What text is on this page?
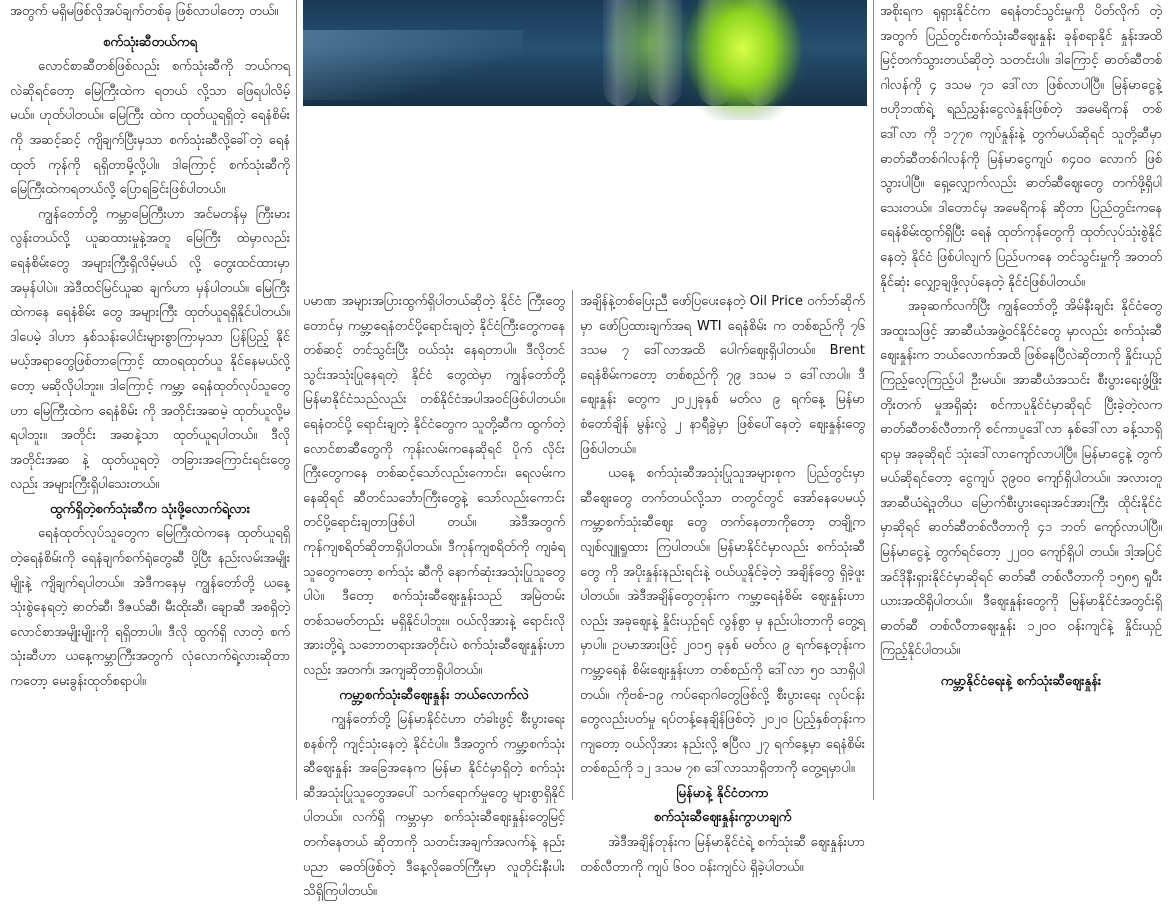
အတွက် မရှိမဖြစ်လိုအပ်ချက်တစ်ခု ဖြစ်လာပါတော့ တယ်။

စက်သုံးဆီတယ်ကရ

လောင်စာဆီတစ်ဖြစ်လည်း စက်သုံးဆီကို ဘယ်ကရလဲဆိုရင်တော့ မြေကြီးထဲက ရတယ် လို့သာ ဖြေရပါလိမ့်မယ်။ ဟုတ်ပါတယ်။ မြေကြီး ထဲက ထုတ်ယူရရှိတဲ့ ရေနံစိမ်းကို အဆင့်ဆင့် ကျိချက်ပြီးမှသာ စက်သုံးဆီလို့ခေါ်တဲ့ ရေနံထုတ် ကုန်ကို ရရှိတာမို့လို့ပါ။ ဒါကြောင့် စက်သုံးဆီကို မြေကြီးထဲကရတယ်လို့ ပြောရခြင်းဖြစ်ပါတယ်။

ကျွန်တော်တို့ ကမ္ဘာမြေကြီးဟာ အင်မတန်မှ ကြီးမားလွန်းတယ်လို့ ယူဆထားမှုနဲ့အတူ မြေကြီး ထဲမှာလည်း ရေနံစိမ်းတွေ အများကြီးရှိလိမ့်မယ် လို့ တွေးထင်ထားမှာ အမှန်ပါပဲ။ အဲဒီထင်မြင်ယူဆ ချက်ဟာ မှန်ပါတယ်။ မြေကြီးထဲကနေ ရေနံစိမ်း တွေ အများကြီး ထုတ်ယူရရှိနိုင်ပါတယ်။ ဒါပေမဲ့ ဒါဟာ နှစ်သန်းပေါင်းများစွာကြာမှသာ ပြန်ပြည့် နိုင်မယ့်အရာတွေဖြစ်တာကြောင့် ထာဝရထုတ်ယူ နိုင်နေမယ်လို့တော့ မဆိုလိုပါဘူး။ ဒါကြောင့် ကမ္ဘာ့ ရေနံထုတ်လုပ်သူတွေဟာ မြေကြီးထဲက ရေနံစိမ်း ကို အတိုင်းအဆမဲ့ ထုတ်ယူလို့မရပါဘူး။ အတိုင်း အဆနဲ့သာ ထုတ်ယူရပါတယ်။ ဒီလို အတိုင်းအဆ နဲ့ ထုတ်ယူရတဲ့ တခြားအကြောင်းရင်းတွေလည်း အများကြီးရှိပါသေးတယ်။

ထွက်ရှိတဲ့စက်သုံးဆီက သုံးဖို့လောက်ရဲ့လား

ရေနံထုတ်လုပ်သူတွေက မြေကြီးထဲကနေ ထုတ်ယူရရှိတဲ့ရေနံစိမ်းကို ရေနံချက်စက်ရုံတွေဆီ ပို့ပြီး နည်းလမ်းအမျိုးမျိုးနဲ့ ကျိချက်ရပါတယ်။ အဲဒီကနေမှ ကျွန်တော်တို့ ယနေ့ သုံးစွဲနေရတဲ့ ဓာတ်ဆီ၊ ဒီဇယ်ဆီ၊ မီးထိုးဆီ၊ ချောဆီ အစရှိတဲ့ လောင်စာအမျိုးမျိုးကို ရရှိတာပါ။ ဒီလို ထွက်ရှိ လာတဲ့ စက်သုံးဆီဟာ ယနေ့ကမ္ဘာကြီးအတွက် လုံလောက်ရဲ့လားဆိုတာကတော့ မေးခွန်းထုတ်စရာပါ။

ပမာဏ အများအပြားထွက်ရှိပါတယ်ဆိုတဲ့ နိုင်ငံ ကြီးတွေတောင်မှ ကမ္ဘာ့ရေနံတင်ပို့ရောင်းချတဲ့ နိုင်ငံကြီးတွေကနေတစ်ဆင့် တင်သွင်းပြီး ဝယ်သုံး နေရတာပါ။ ဒီလိုတင်သွင်းအသုံးပြုနေရတဲ့ နိုင်ငံ တွေထဲမှာ ကျွန်တော်တို့ မြန်မာနိုင်ငံသည်လည်း တစ်နိုင်ငံအပါအဝင်ဖြစ်ပါတယ်။ ရေနံတင်ပို့ ရောင်းချတဲ့ နိုင်ငံတွေက သူတို့ဆီက ထွက်တဲ့ လောင်စာဆီတွေကို ကုန်းလမ်းကနေဆိုရင် ပိုက် လိုင်းကြီးတွေကနေ တစ်ဆင့်သော်လည်းကောင်း၊ ရေလမ်းကနေဆိုရင် ဆီတင်သင်္ဘောကြီးတွေနဲ့ သော်လည်းကောင်း တင်ပို့ရောင်းချတာဖြစ်ပါ တယ်။ အဲဒီအတွက် ကုန်ကျစရိတ်ဆိုတာရှိပါတယ်။ ဒီကုန်ကျစရိတ်ကို ကျခံရသူတွေကတော့ စက်သုံး ဆီကို နောက်ဆုံးအသုံးပြုသူတွေပါပဲ။ ဒီတော့ စက်သုံးဆီဈေးနှုန်းသည် အမြဲတမ်းတစ်သမတ်တည်း မရှိနိုင်ပါဘူး။ ဝယ်လိုအားနဲ့ ရောင်းလိုအားတို့ရဲ့ သဘောတရားအတိုင်းပဲ စက်သုံးဆီဈေးနှုန်းဟာ လည်း အတက်၊ အကျဆိုတာရှိပါတယ်။

ကမ္ဘာ့စက်သုံးဆီဈေးနှုန်း ဘယ်လောက်လဲ

ကျွန်တော်တို့ မြန်မာနိုင်ငံဟာ တံခါးဖွင့် စီးပွားရေးစနစ်ကို ကျင့်သုံးနေတဲ့ နိုင်ငံပါ။ ဒီအတွက် ကမ္ဘာ့စက်သုံးဆီဈေးနှုန်း အခြေအနေက မြန်မာ နိုင်ငံမှာရှိတဲ့ စက်သုံးဆီအသုံးပြုသူတွေအပေါ် သက်ရောက်မှုတွေ များစွာရှိနိုင်ပါတယ်။ လက်ရှိ ကမ္ဘာမှာ စက်သုံးဆီဈေးနှုန်းတွေမြင့်တက်နေတယ် ဆိုတာကို သတင်းအချက်အလက်နဲ့ နည်းပညာ ခေတ်ဖြစ်တဲ့ ဒီနေ့လိုခေတ်ကြီးမှာ လူတိုင်းနီးပါး သိရှိကြပါတယ်။

အချိန်နဲ့တစ်ပြေးညီ ဖော်ပြပေးနေတဲ့ Oil Price ဝက်ဘ်ဆိုက်မှာ ဖော်ပြထားချက်အရ WTI ရေနံစိမ်း က တစ်စည်ကို ၇၆ ဒသမ ၇ ဒေါ်လာအထိ ပေါက်ဈေးရှိပါတယ်။ Brent ရေနံစိမ်းကတော့ တစ်စည်ကို ၇၉ ဒသမ ၁ ဒေါ်လာပါ။ ဒီဈေးနှုန်း တွေက ၂၀၂၂ခုနှစ် မတ်လ ၉ ရက်နေ့ မြန်မာစံတော်ချိန် မွန်းလွဲ ၂ နာရီခွဲမှာ ဖြစ်ပေါ်နေတဲ့ ဈေးနှုန်းတွေ ဖြစ်ပါတယ်။

ယနေ့ စက်သုံးဆီအသုံးပြုသူအများစုက ပြည်တွင်းမှာ ဆီဈေးတွေ တက်တယ်လို့သာ တတွင်တွင် အော်နေပေမယ့် ကမ္ဘာ့စက်သုံးဆီဈေး တွေ တက်နေတာကိုတော့ တချို့က လျစ်လျူရှုထား ကြပါတယ်။ မြန်မာနိုင်ငံမှာလည်း စက်သုံးဆီတွေ ကို အပိုးနှုန်းနည်းရင်းနဲ့ ဝယ်ယူနိုင်ခဲ့တဲ့ အချိန်တွေ ရှိခဲ့ဖူးပါတယ်။ အဲဒီအချိန်တွေတုန်းက ကမ္ဘာ့ရေနံစိမ်း ဈေးနှုန်းဟာလည်း အခုဈေးနဲ့ နှိုင်းယှဉ်ရင် လွန်စွာ မှ နည်းပါးတာကို တွေ့ရမှာပါ။ ဥပမာအားဖြင့် ၂၀၁၅ ခုနှစ် မတ်လ ၉ ရက်နေ့တုန်းက ကမ္ဘာ့ရေနံ စိမ်းဈေးနှုန်းဟာ တစ်စည်ကို ဒေါ်လာ ၅၀ သာရှိပါ တယ်။ ကိုဗစ်-၁၉ ကပ်ရောဂါတွေဖြစ်လို့ စီးပွားရေး လုပ်ငန်းတွေလည်းပတ်မှု ရပ်တန့်နေချိန်ဖြစ်တဲ့ ၂၀၂၀ ပြည့်နှစ်တုန်းကကျတော့ ဝယ်လိုအား နည်းလို့ ဧပြီလ ၂၇ ရက်နေ့မှာ ရေနံစိမ်းတစ်စည်ကို ၁၂ ဒသမ ၇၈ ဒေါ်လာသာရှိတာကို တွေ့ရမှာပါ။

မြန်မာနဲ့ နိုင်ငံတကာ

စက်သုံးဆီဈေးနှုန်းကွာဟချက်

အဲဒီအချိန်တုန်းက မြန်မာနိုင်ငံရဲ့ စက်သုံးဆီ ဈေးနှုန်းဟာ တစ်လီတာကို ကျပ် ၆၀၀ ဝန်းကျင်ပဲ ရှိခဲ့ပါတယ်။

အစိုးရက ရုရှားနိုင်ငံက ရေနံတင်သွင်းမှုကို ပိတ်လိုက် တဲ့အတွက် ပြည်တွင်းစက်သုံးဆီဈေးနှုန်း ခုန်စရာနိုင် နှုန်းအထိ မြင့်တက်သွားတယ်ဆိုတဲ့ သတင်းပါ။ ဒါကြောင့် ဓာတ်ဆီတစ်ဂါလန်ကို ၄ ဒသမ ၇၁ ဒေါ်လာ ဖြစ်လာပါပြီ။ မြန်မာငွေနဲ့ ဗဟိုဘဏ်ရဲ့ ရည်ညွှန်းငွေလဲနှုန်းဖြစ်တဲ့ အမေရိကန် တစ်ဒေါ်လာ ကို ၁၇၇၈ ကျပ်နှုန်းနဲ့ တွက်မယ်ဆိုရင် သူတို့ဆီမှာ ဓာတ်ဆီတစ်ဂါလန်ကို မြန်မာငွေကျပ် ၈၄၀၀ လောက် ဖြစ်သွားပါပြီ။ ရှေ့လျှောက်လည်း ဓာတ်ဆီဈေးတွေ တက်ဖို့ရှိပါသေးတယ်။ ဒါတောင်မှ အမေရိကန် ဆိုတာ ပြည်တွင်းကနေ ရေနံစိမ်းထွက်ရှိပြီး ရေနံ ထုတ်ကုန်တွေကို ထုတ်လုပ်သုံးစွဲနိုင်နေတဲ့ နိုင်ငံ ဖြစ်ပါလျက် ပြည်ပကနေ တင်သွင်းမှုကို အတတ် နိုင်ဆုံး လျှော့ချဖို့လုပ်နေတဲ့ နိုင်ငံဖြစ်ပါတယ်။

အခုဆက်လက်ပြီး ကျွန်တော်တို့ အိမ်နီးချင်း နိုင်ငံတွေ အထူးသဖြင့် အာဆီယံအဖွဲ့ဝင်နိုင်ငံတွေ မှာလည်း စက်သုံးဆီဈေးနှုန်းက ဘယ်လောက်အထိ ဖြစ်နေပြီလဲဆိုတာကို နှိုင်းယှဉ်ကြည့်လေ့ကြည့်ပါ ဦးမယ်။ အာဆီယံအသင်း စီးပွားရေးဖွံ့ဖြိုးတိုးတက် မှုအရှိဆုံး စင်ကာပူနိုင်ငံမှာဆိုရင် ပြီးခဲ့တဲ့လက ဓာတ်ဆီတစ်လီတာကို စင်ကာပူဒေါ်လာ နှစ်ဒေါ်လာ ခန့်သာရှိရာမှ အခုဆိုရင် သုံးဒေါ်လာကျော်လာပါပြီ။ မြန်မာငွေနဲ့ တွက်မယ်ဆိုရင်တော့ ငွေကျပ် ၃၉၀၀ ကျော်ရှိပါတယ်။ အလားတူ အာဆီယံရဲ့ဒုတိယ မြောက်စီးပွားရေးအင်အားကြီး ထိုင်းနိုင်ငံမှာဆိုရင် ဓာတ်ဆီတစ်လီတာကို ၄၁ ဘတ် ကျော်လာပါပြီ။ မြန်မာငွေနဲ့ တွက်ရင်တော့ ၂၂၀၀ ကျော်ရှိပါ တယ်။ ဒါ့အပြင် အင်ဒိုနီးရှားနိုင်ငံမှာဆိုရင် ဓာတ်ဆီ တစ်လီတာကို ၁၅၈၅ ရူပီးယားအထိရှိပါတယ်။ ဒီဈေးနှုန်းတွေကို မြန်မာနိုင်ငံအတွင်းရှိ ဓာတ်ဆီ တစ်လီတာဈေးနှုန်း ၁၂၀၀ ဝန်းကျင်နဲ့ နှိုင်းယှဉ် ကြည့်နိုင်ပါတယ်။

ကမ္ဘာ့နိုင်ငံရေးနဲ့ စက်သုံးဆီဈေးနှုန်း
